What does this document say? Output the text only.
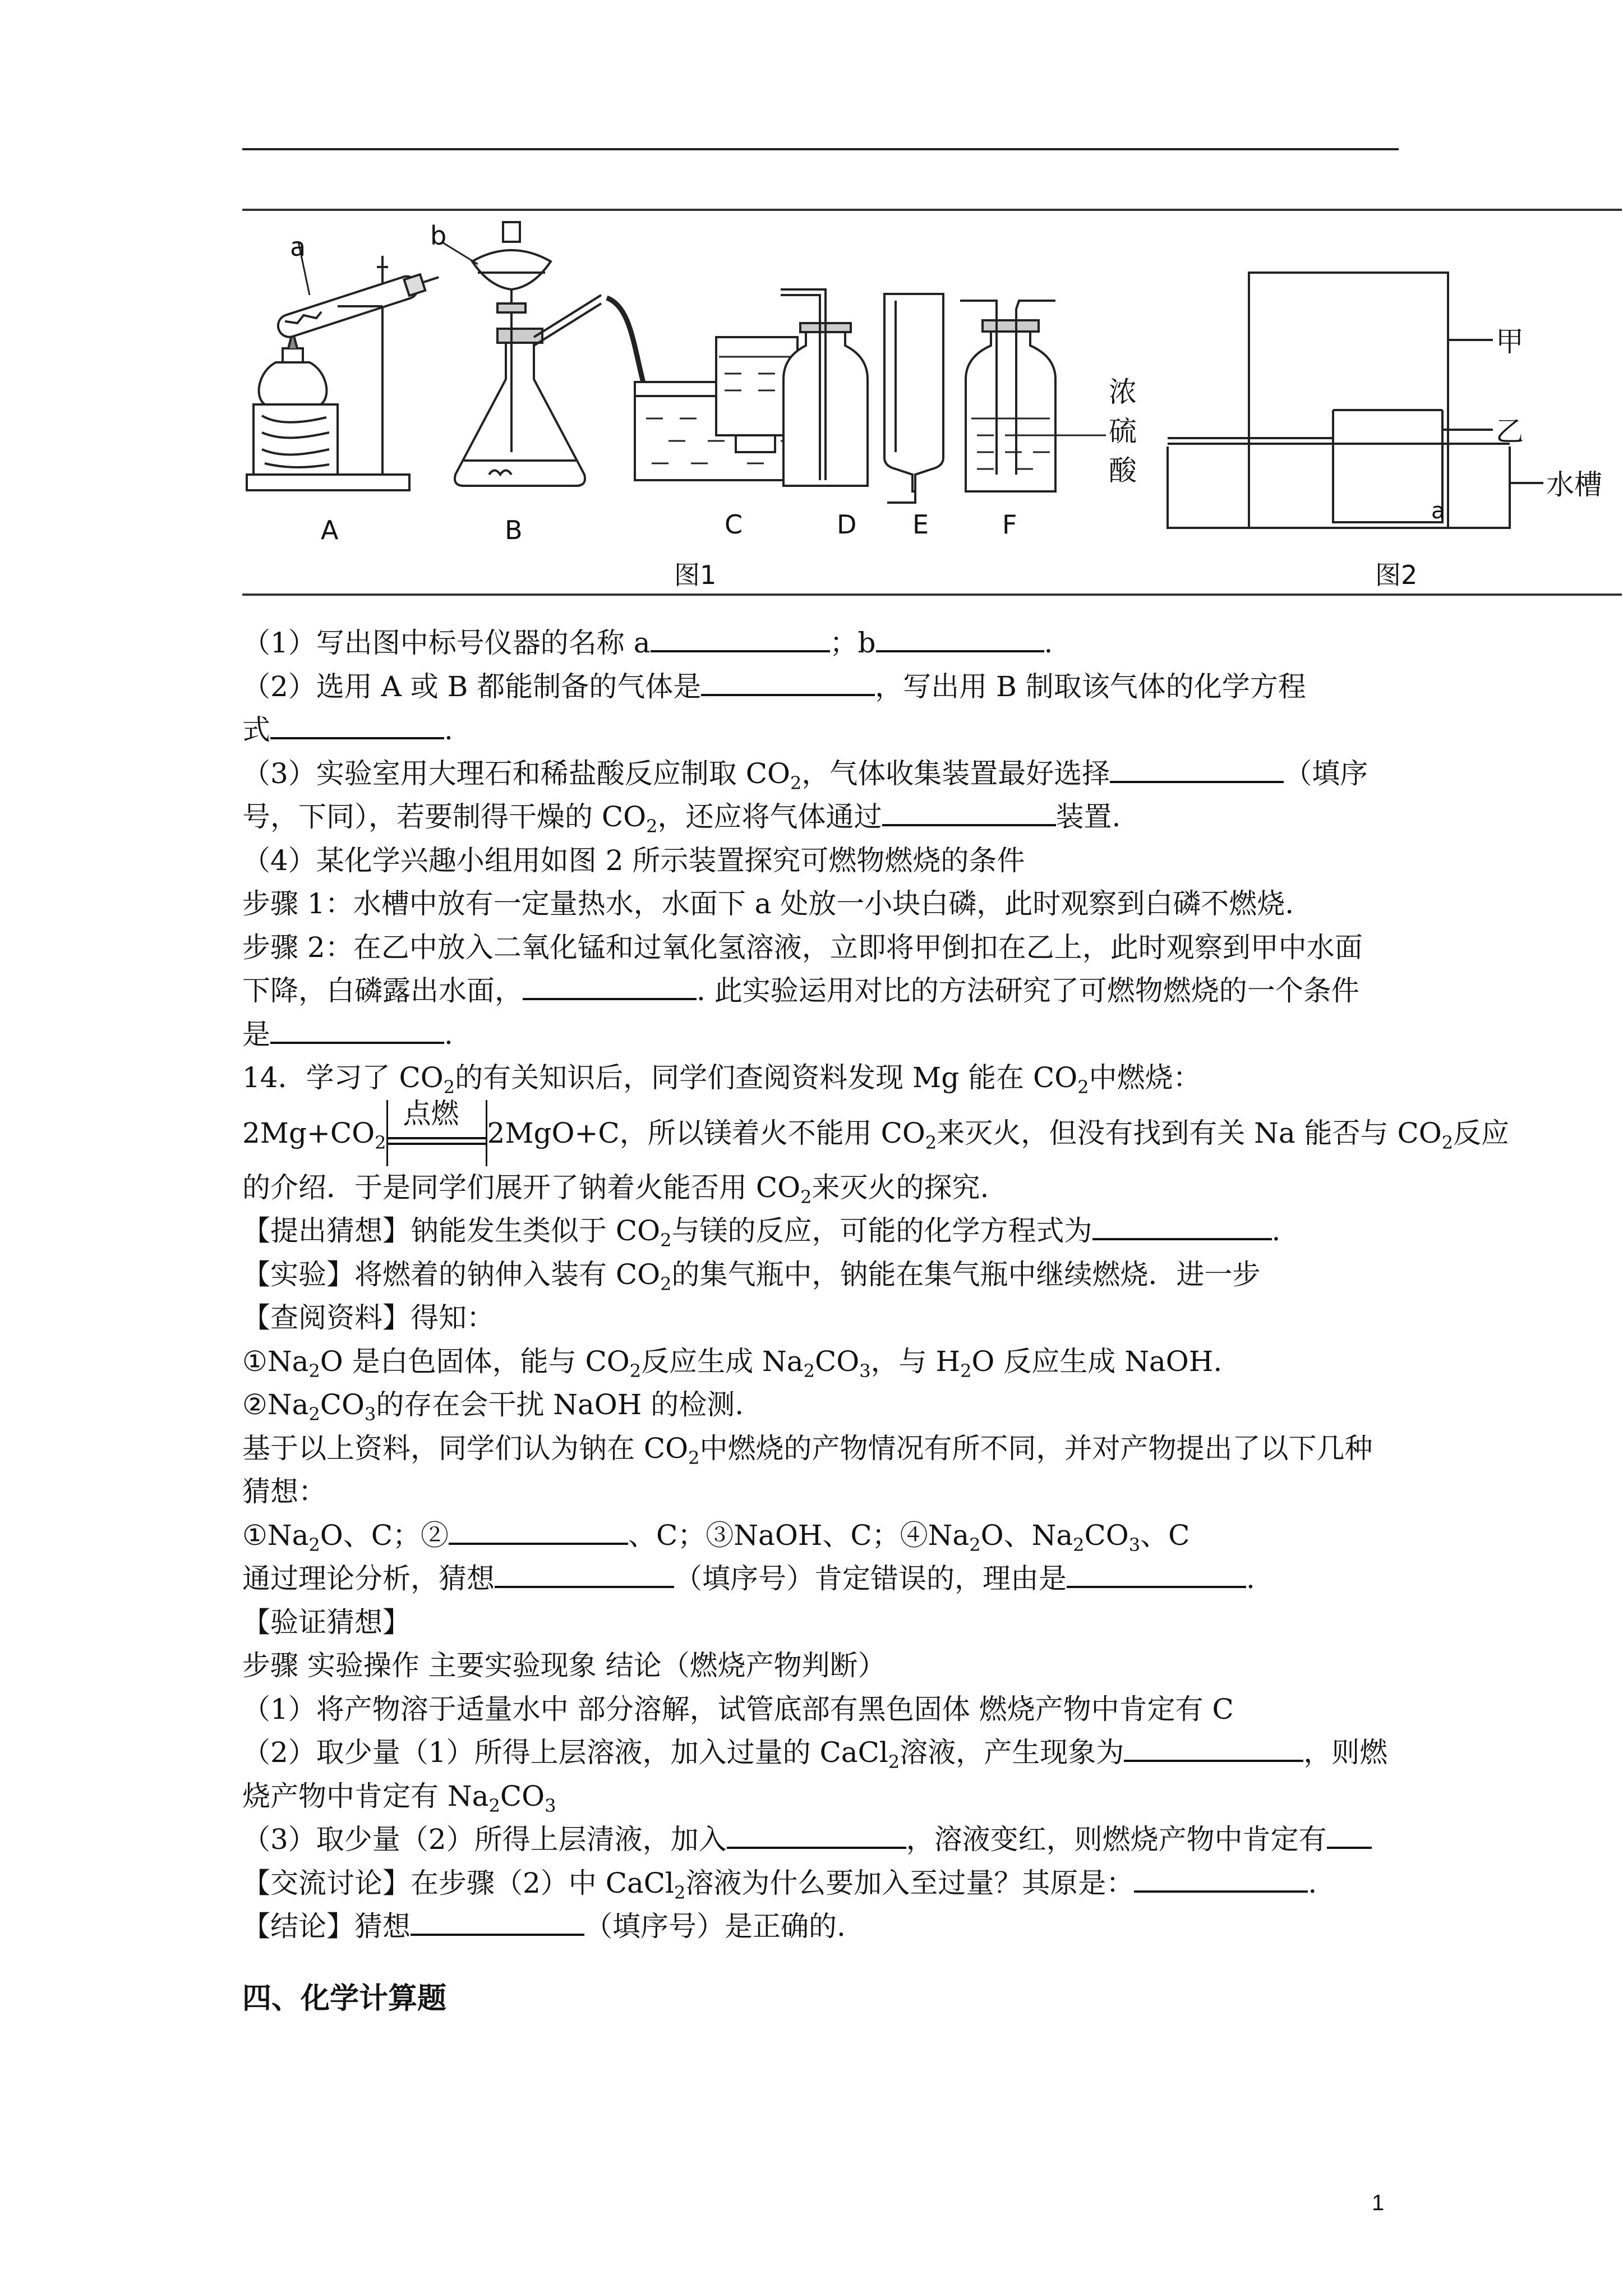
a	b
A	B	C	D E	F
浓
硫
酸
甲
乙
水槽
a
图1	图2
（1）写出图中标号仪器的名称 a	；b	.
（2）选用 A 或 B 都能制备的气体是	，写出用 B 制取该气体的化学方程
式	.
（3）实验室用大理石和稀盐酸反应制取 $CO_2$，气体收集装置最好选择	（填序
号，下同），若要制得干燥的 $CO_2$，还应将气体通过	装置.
（4）某化学兴趣小组用如图 2 所示装置探究可燃物燃烧的条件
步骤 1：水槽中放有一定量热水，水面下 a 处放一小块白磷，此时观察到白磷不燃烧.
步骤 2：在乙中放入二氧化锰和过氧化氢溶液，立即将甲倒扣在乙上，此时观察到甲中水面
下降，白磷露出水面，	. 此实验运用对比的方法研究了可燃物燃烧的一个条件
是	.
14．学习了 $CO_2$的有关知识后，同学们查阅资料发现 Mg 能在 $CO_2$中燃烧：
$2Mg+CO_2$
点燃
2MgO+C，所以镁着火不能用 $CO_2$来灭火，但没有找到有关 Na 能否与 $CO_2$反应
的介绍．于是同学们展开了钠着火能否用 $CO_2$来灭火的探究.
【提出猜想】钠能发生类似于 $CO_2$与镁的反应，可能的化学方程式为	.
【实验】将燃着的钠伸入装有 $CO_2$的集气瓶中，钠能在集气瓶中继续燃烧．进一步
【查阅资料】得知：
$①Na_2O$ 是白色固体，能与 $CO_2$反应生成 $Na_2CO_3$，与 $H_2O$ 反应生成 NaOH.
$②Na_2CO_3$的存在会干扰 NaOH 的检测.
基于以上资料，同学们认为钠在 $CO_2$中燃烧的产物情况有所不同，并对产物提出了以下几种
猜想：
$①Na_2O$、C；②	、C；③NaOH、C；$④Na_2O$、$Na_2CO_3$、C
通过理论分析，猜想	（填序号）肯定错误的，理由是	.
【验证猜想】
步骤 实验操作 主要实验现象 结论（燃烧产物判断）
（1）将产物溶于适量水中 部分溶解，试管底部有黑色固体 燃烧产物中肯定有 C
（2）取少量（1）所得上层溶液，加入过量的 CaCl$_2$溶液，产生现象为	，则燃
烧产物中肯定有 $Na_2CO_3$
（3）取少量（2）所得上层清液，加入	，溶液变红，则燃烧产物中肯定有
【交流讨论】在步骤（2）中 CaCl$_2$溶液为什么要加入至过量？其原是：	.
【结论】猜想	（填序号）是正确的.
四、化学计算题
1
